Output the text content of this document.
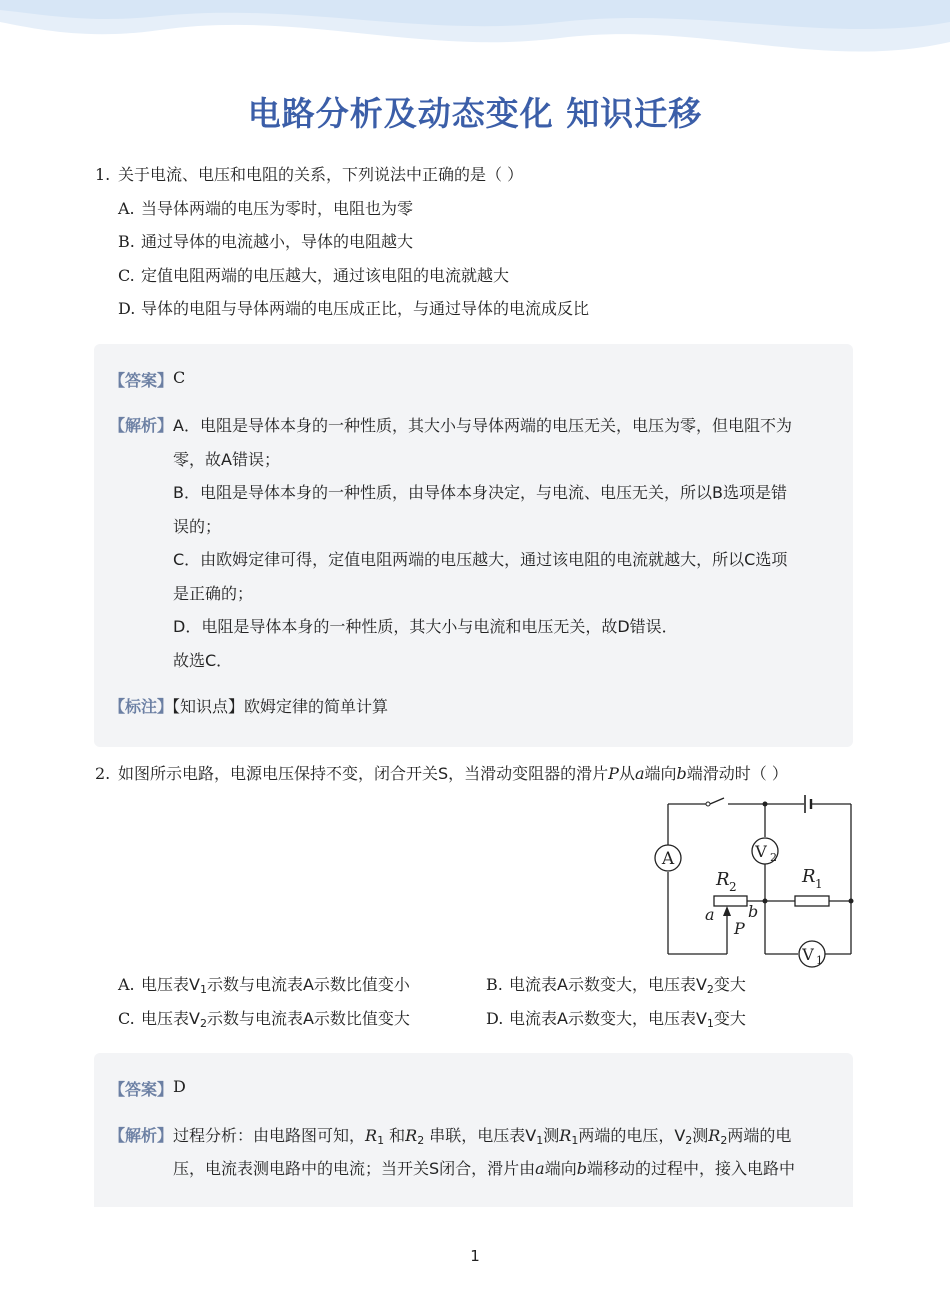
电路分析及动态变化 知识迁移
1. 关于电流、电压和电阻的关系，下列说法中正确的是（ ）
A. 当导体两端的电压为零时，电阻也为零
B. 通过导体的电流越小，导体的电阻越大
C. 定值电阻两端的电压越大，通过该电阻的电流就越大
D. 导体的电阻与导体两端的电压成正比，与通过导体的电流成反比
【答案】 C
【解析】 A．电阻是导体本身的一种性质，其大小与导体两端的电压无关，电压为零，但电阻不为
零，故A错误；
B．电阻是导体本身的一种性质，由导体本身决定，与电流、电压无关，所以B选项是错
误的；
C．由欧姆定律可得，定值电阻两端的电压越大，通过该电阻的电流就越大，所以C选项
是正确的；
D．电阻是导体本身的一种性质，其大小与电流和电压无关，故D错误．
故选C．
【标注】
【知识点】欧姆定律的简单计算
2. 如图所示电路，电源电压保持不变，闭合开关S，当滑动变阻器的滑片P从a端向b端滑动时（ ）
A	V 2
V 1
R 2	R 1
a b
P
A. 电压表$V_1$示数与电流表A示数比值变小	B. 电流表A示数变大，电压表$V_2$变大
C. 电压表$V_2$示数与电流表A示数比值变大	D. 电流表A示数变大，电压表$V_1$变大
【答案】 D
【解析】 过程分析：由电路图可知，$R_1$ 和$R_2$ 串联，电压表$V_1$测$R_1$两端的电压，$V_2$测$R_2$两端的电
压，电流表测电路中的电流；当开关S闭合，滑片由a端向b端移动的过程中，接入电路中
1
